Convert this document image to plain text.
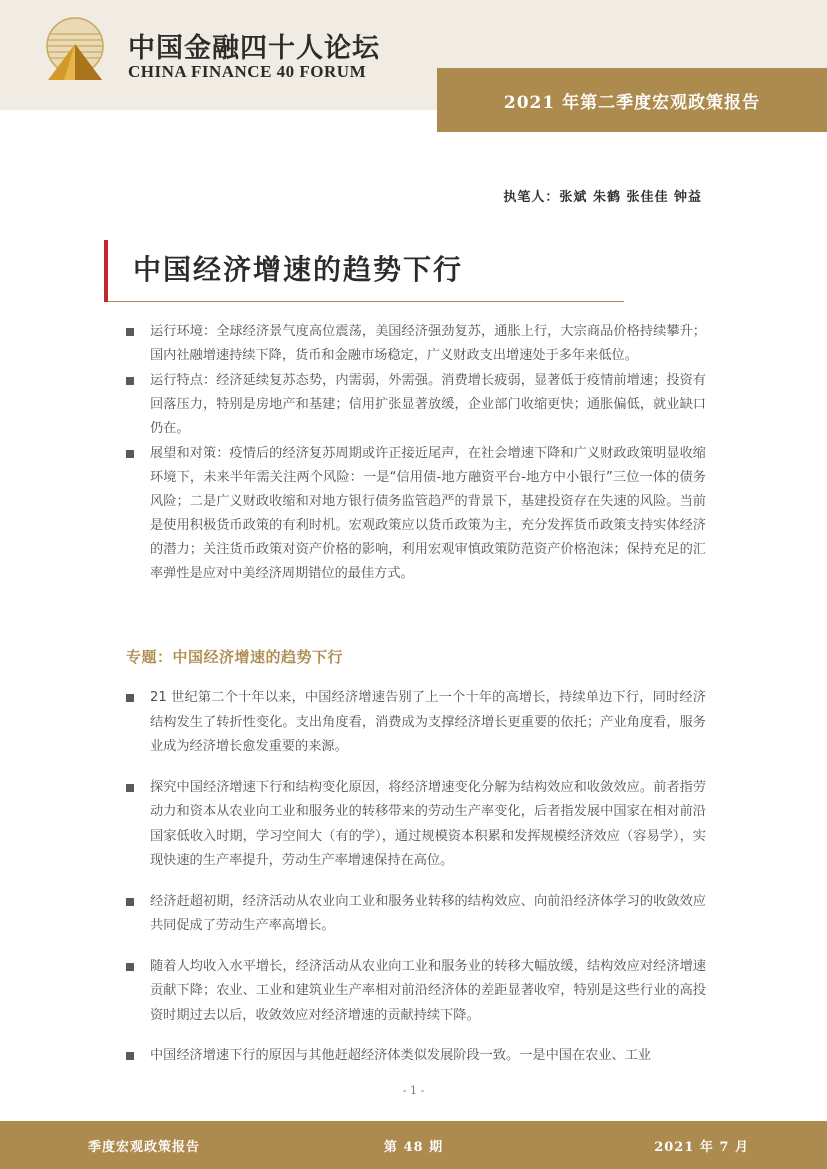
中国金融四十人论坛
CHINA FINANCE 40 FORUM
2021 年第二季度宏观政策报告
执笔人：张斌 朱鹤 张佳佳 钟益
中国经济增速的趋势下行
运行环境：全球经济景气度高位震荡，美国经济强劲复苏，通胀上行，大宗商品价格持续攀升；国内社融增速持续下降，货币和金融市场稳定，广义财政支出增速处于多年来低位。
运行特点：经济延续复苏态势，内需弱，外需强。消费增长疲弱，显著低于疫情前增速；投资有回落压力，特别是房地产和基建；信用扩张显著放缓，企业部门收缩更快；通胀偏低，就业缺口仍在。
展望和对策：疫情后的经济复苏周期或许正接近尾声，在社会增速下降和广义财政政策明显收缩环境下，未来半年需关注两个风险：一是“信用债-地方融资平台-地方中小银行”三位一体的债务风险；二是广义财政收缩和对地方银行债务监管趋严的背景下，基建投资存在失速的风险。当前是使用积极货币政策的有利时机。宏观政策应以货币政策为主，充分发挥货币政策支持实体经济的潜力；关注货币政策对资产价格的影响，利用宏观审慎政策防范资产价格泡沫；保持充足的汇率弹性是应对中美经济周期错位的最佳方式。
专题：中国经济增速的趋势下行
21 世纪第二个十年以来，中国经济增速告别了上一个十年的高增长，持续单边下行，同时经济结构发生了转折性变化。支出角度看，消费成为支撑经济增长更重要的依托；产业角度看，服务业成为经济增长愈发重要的来源。
探究中国经济增速下行和结构变化原因，将经济增速变化分解为结构效应和收敛效应。前者指劳动力和资本从农业向工业和服务业的转移带来的劳动生产率变化，后者指发展中国家在相对前沿国家低收入时期，学习空间大（有的学），通过规模资本积累和发挥规模经济效应（容易学），实现快速的生产率提升，劳动生产率增速保持在高位。
经济赶超初期，经济活动从农业向工业和服务业转移的结构效应、向前沿经济体学习的收敛效应共同促成了劳动生产率高增长。
随着人均收入水平增长，经济活动从农业向工业和服务业的转移大幅放缓，结构效应对经济增速贡献下降；农业、工业和建筑业生产率相对前沿经济体的差距显著收窄，特别是这些行业的高投资时期过去以后，收敛效应对经济增速的贡献持续下降。
中国经济增速下行的原因与其他赶超经济体类似发展阶段一致。一是中国在农业、工业
- 1 -
季度宏观政策报告	第 48 期	2021 年 7 月
